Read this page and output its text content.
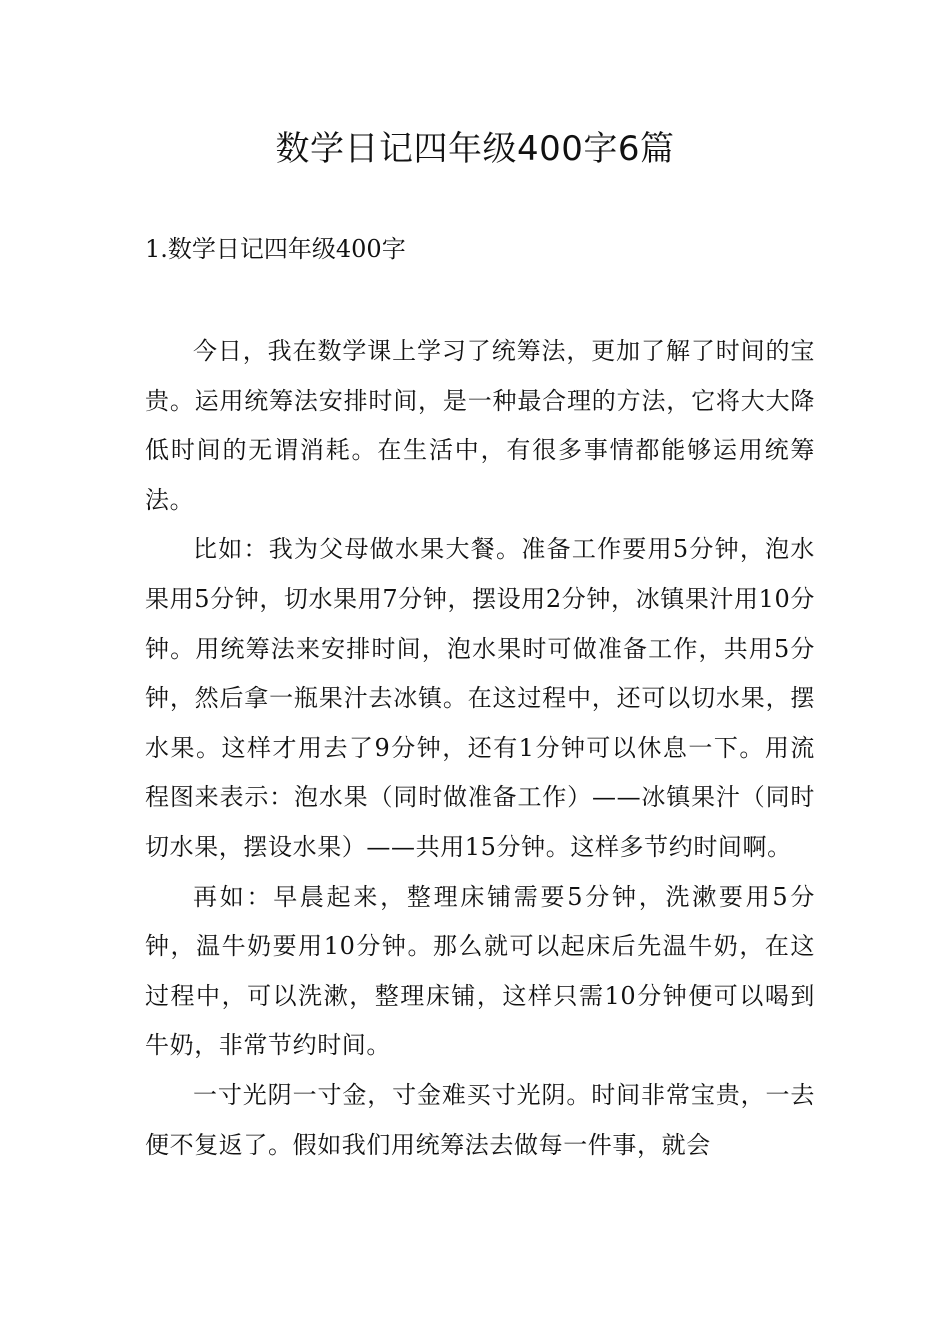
数学日记四年级400字6篇
1.数学日记四年级400字

今日，我在数学课上学习了统筹法，更加了解了时间的宝贵。运用统筹法安排时间，是一种最合理的方法，它将大大降低时间的无谓消耗。在生活中，有很多事情都能够运用统筹法。

比如：我为父母做水果大餐。准备工作要用5分钟，泡水果用5分钟，切水果用7分钟，摆设用2分钟，冰镇果汁用10分钟。用统筹法来安排时间，泡水果时可做准备工作，共用5分钟，然后拿一瓶果汁去冰镇。在这过程中，还可以切水果，摆水果。这样才用去了9分钟，还有1分钟可以休息一下。用流程图来表示：泡水果（同时做准备工作）——冰镇果汁（同时切水果，摆设水果）——共用15分钟。这样多节约时间啊。

再如：早晨起来，整理床铺需要5分钟，洗漱要用5分钟，温牛奶要用10分钟。那么就可以起床后先温牛奶，在这过程中，可以洗漱，整理床铺，这样只需10分钟便可以喝到牛奶，非常节约时间。

一寸光阴一寸金，寸金难买寸光阴。时间非常宝贵，一去便不复返了。假如我们用统筹法去做每一件事，就会
